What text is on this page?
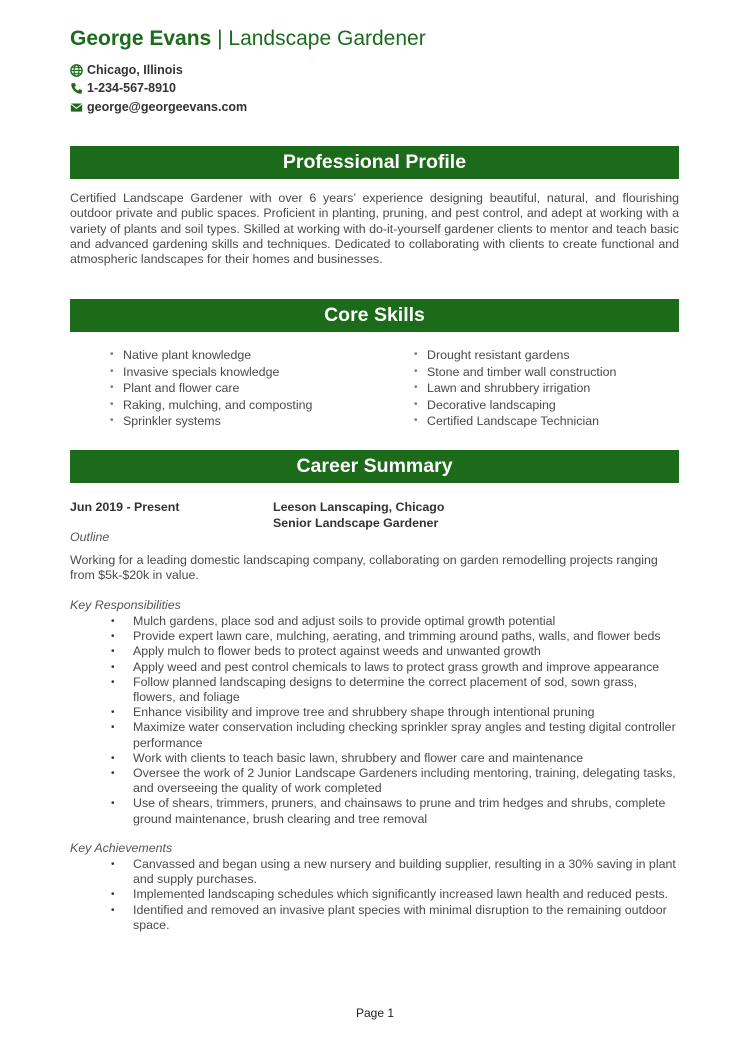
George Evans | Landscape Gardener
Chicago, Illinois
1-234-567-8910
george@georgeevans.com
Professional Profile
Certified Landscape Gardener with over 6 years’ experience designing beautiful, natural, and flourishing outdoor private and public spaces. Proficient in planting, pruning, and pest control, and adept at working with a variety of plants and soil types. Skilled at working with do-it-yourself gardener clients to mentor and teach basic and advanced gardening skills and techniques. Dedicated to collaborating with clients to create functional and atmospheric landscapes for their homes and businesses.
Core Skills
• Native plant knowledge
• Invasive specials knowledge
• Plant and flower care
• Raking, mulching, and composting
• Sprinkler systems
• Drought resistant gardens
• Stone and timber wall construction
• Lawn and shrubbery irrigation
• Decorative landscaping
• Certified Landscape Technician
Career Summary
Jun 2019 - Present	Leeson Lanscaping, Chicago
Senior Landscape Gardener
Outline
Working for a leading domestic landscaping company, collaborating on garden remodelling projects ranging from $5k-$20k in value.
Key Responsibilities
• Mulch gardens, place sod and adjust soils to provide optimal growth potential
• Provide expert lawn care, mulching, aerating, and trimming around paths, walls, and flower beds
• Apply mulch to flower beds to protect against weeds and unwanted growth
• Apply weed and pest control chemicals to laws to protect grass growth and improve appearance
• Follow planned landscaping designs to determine the correct placement of sod, sown grass, flowers, and foliage
• Enhance visibility and improve tree and shrubbery shape through intentional pruning
• Maximize water conservation including checking sprinkler spray angles and testing digital controller performance
• Work with clients to teach basic lawn, shrubbery and flower care and maintenance
• Oversee the work of 2 Junior Landscape Gardeners including mentoring, training, delegating tasks, and overseeing the quality of work completed
• Use of shears, trimmers, pruners, and chainsaws to prune and trim hedges and shrubs, complete ground maintenance, brush clearing and tree removal
Key Achievements
• Canvassed and began using a new nursery and building supplier, resulting in a 30% saving in plant and supply purchases.
• Implemented landscaping schedules which significantly increased lawn health and reduced pests.
• Identified and removed an invasive plant species with minimal disruption to the remaining outdoor space.
Page 1
